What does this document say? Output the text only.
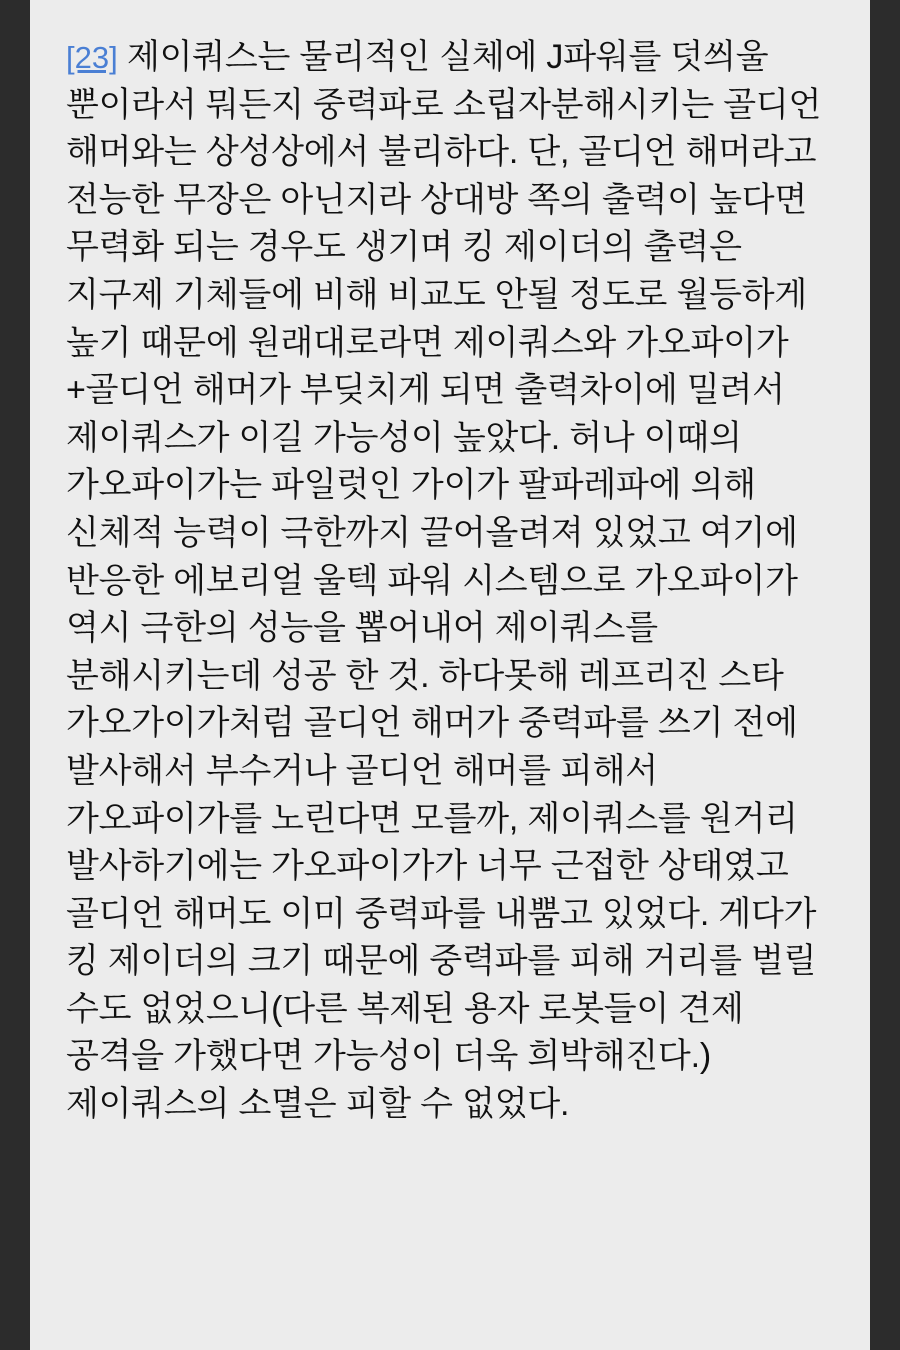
[23] 제이쿼스는 물리적인 실체에 J파워를 덧씌울 뿐이라서 뭐든지 중력파로 소립자분해시키는 골디언 해머와는 상성상에서 불리하다. 단, 골디언 해머라고 전능한 무장은 아닌지라 상대방 쪽의 출력이 높다면 무력화 되는 경우도 생기며 킹 제이더의 출력은 지구제 기체들에 비해 비교도 안될 정도로 월등하게 높기 때문에 원래대로라면 제이쿼스와 가오파이가+골디언 해머가 부딪치게 되면 출력차이에 밀려서 제이쿼스가 이길 가능성이 높았다. 허나 이때의 가오파이가는 파일럿인 가이가 팔파레파에 의해 신체적 능력이 극한까지 끌어올려져 있었고 여기에 반응한 에보리얼 울텍 파워 시스템으로 가오파이가 역시 극한의 성능을 뽑어내어 제이쿼스를 분해시키는데 성공 한 것. 하다못해 레프리진 스타 가오가이가처럼 골디언 해머가 중력파를 쓰기 전에 발사해서 부수거나 골디언 해머를 피해서 가오파이가를 노린다면 모를까, 제이쿼스를 원거리 발사하기에는 가오파이가가 너무 근접한 상태였고 골디언 해머도 이미 중력파를 내뿜고 있었다. 게다가 킹 제이더의 크기 때문에 중력파를 피해 거리를 벌릴 수도 없었으니(다른 복제된 용자 로봇들이 견제 공격을 가했다면 가능성이 더욱 희박해진다.) 제이쿼스의 소멸은 피할 수 없었다.
